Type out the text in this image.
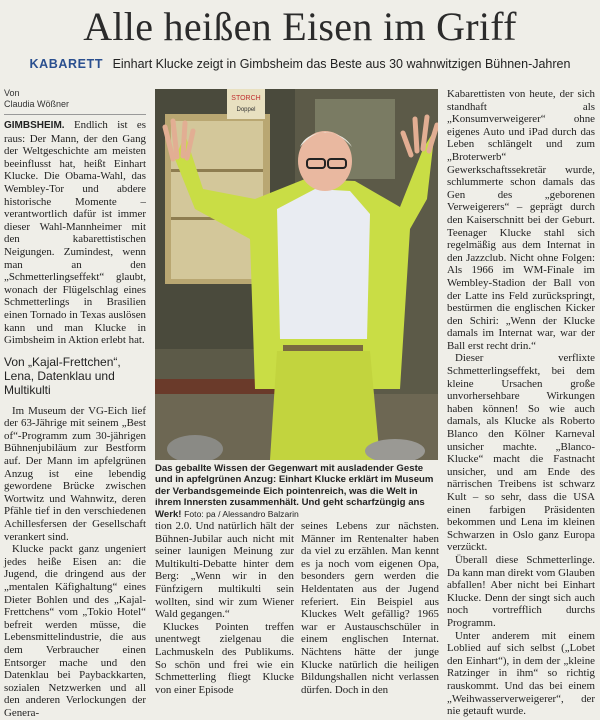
Alle heißen Eisen im Griff
KABARETT Einhart Klucke zeigt in Gimbsheim das Beste aus 30 wahnwitzigen Bühnen-Jahren
Von
Claudia Wößner

GIMBSHEIM. Endlich ist es raus: Der Mann, der den Gang der Weltgeschichte am meisten beeinflusst hat, heißt Einhart Klucke. Die Obama-Wahl, das Wembley-Tor und abdere historische Momente – verantwortlich dafür ist immer dieser Wahl-Mannheimer mit den kabarettistischen Neigungen. Zumindest, wenn man an den „Schmetterlingseffekt“ glaubt, wonach der Flügelschlag eines Schmetterlings in Brasilien einen Tornado in Texas auslösen kann und man Klucke in Gimbsheim in Aktion erlebt hat.

Von „Kajal-Frettchen“, Lena, Datenklau und Multikulti

Im Museum der VG-Eich lief der 63-Jährige mit seinem „Best of“-Programm zum 30-jährigen Bühnenjubiläum zur Bestform auf. Der Mann im apfelgrünen Anzug ist eine lebendig gewordene Brücke zwischen Wortwitz und Wahnwitz, deren Pfähle tief in den verschiedenen Achillesfersen der Gesellschaft verankert sind.

Klucke packt ganz ungeniert jedes heiße Eisen an: die Jugend, die dringend aus der „mentalen Käfighaltung“ eines Dieter Bohlen und des „Kajal-Frettchens“ vom „Tokio Hotel“ befreit werden müsse, die Lebensmittelindustrie, die aus dem Verbraucher einen Entsorger mache und den Datenklau bei Paybackkarten, sozialen Netzwerken und all den anderen Verlockungen der Genera-

STORCH
Doppel
Das geballte Wissen der Gegenwart mit ausladender Geste und in apfelgrünen Anzug: Einhart Klucke erklärt im Museum der Verbandsgemeinde Eich pointenreich, was die Welt in ihrem Innersten zusammenhält. Und geht scharfzüngig ans Werk! Foto: pa / Alessandro Balzarin

tion 2.0. Und natürlich hält der Bühnen-Jubilar auch nicht mit seiner launigen Meinung zur Multikulti-Debatte hinter dem Berg: „Wenn wir in den Fünfzigern multikulti sein wollten, sind wir zum Wiener Wald gegangen.“

Kluckes Pointen treffen unentwegt zielgenau die Lachmuskeln des Publikums. So schön und frei wie ein Schmetterling fliegt Klucke von einer Episode

seines Lebens zur nächsten. Männer im Rentenalter haben da viel zu erzählen. Man kennt es ja noch vom eigenen Opa, besonders gern werden die Heldentaten aus der Jugend referiert. Ein Beispiel aus Kluckes Welt gefällig? 1965 war er Austauschschüler in einem englischen Internat. Nächtens hätte der junge Klucke natürlich die heiligen Bildungshallen nicht verlassen dürfen. Doch in den

Kabarettisten von heute, der sich standhaft als „Konsumverweigerer“ ohne eigenes Auto und iPad durch das Leben schlängelt und zum „Broterwerb“ Gewerkschaftssekretär wurde, schlummerte schon damals das Gen des „geborenen Verweigerers“ – geprägt durch den Kaiserschnitt bei der Geburt. Teenager Klucke stahl sich regelmäßig aus dem Internat in den Jazzclub. Nicht ohne Folgen: Als 1966 im WM-Finale im Wembley-Stadion der Ball von der Latte ins Feld zurückspringt, bestürmen die englischen Kicker den Schiri: „Wenn der Klucke damals im Internat war, war der Ball erst recht drin.“

Dieser verflixte Schmetterlingseffekt, bei dem kleine Ursachen große unvorhersehbare Wirkungen haben können! So wie auch damals, als Klucke als Roberto Blanco den Kölner Karneval unsicher machte. „Blanco-Klucke“ macht die Fastnacht unsicher, und am Ende des närrischen Treibens ist schwarz Kult – so sehr, dass die USA einen farbigen Präsidenten bekommen und Lena im kleinen Schwarzen in Oslo ganz Europa verzückt.

Überall diese Schmetterlinge. Da kann man direkt vom Glauben abfallen! Aber nicht bei Einhart Klucke. Denn der singt sich auch noch vortrefflich durchs Programm.

Unter anderem mit einem Loblied auf sich selbst („Lobet den Einhart“), in dem der „kleine Ratzinger in ihm“ so richtig rauskommt. Und das bei einem „Weihwasserverweigerer“, der nie getauft wurde.
